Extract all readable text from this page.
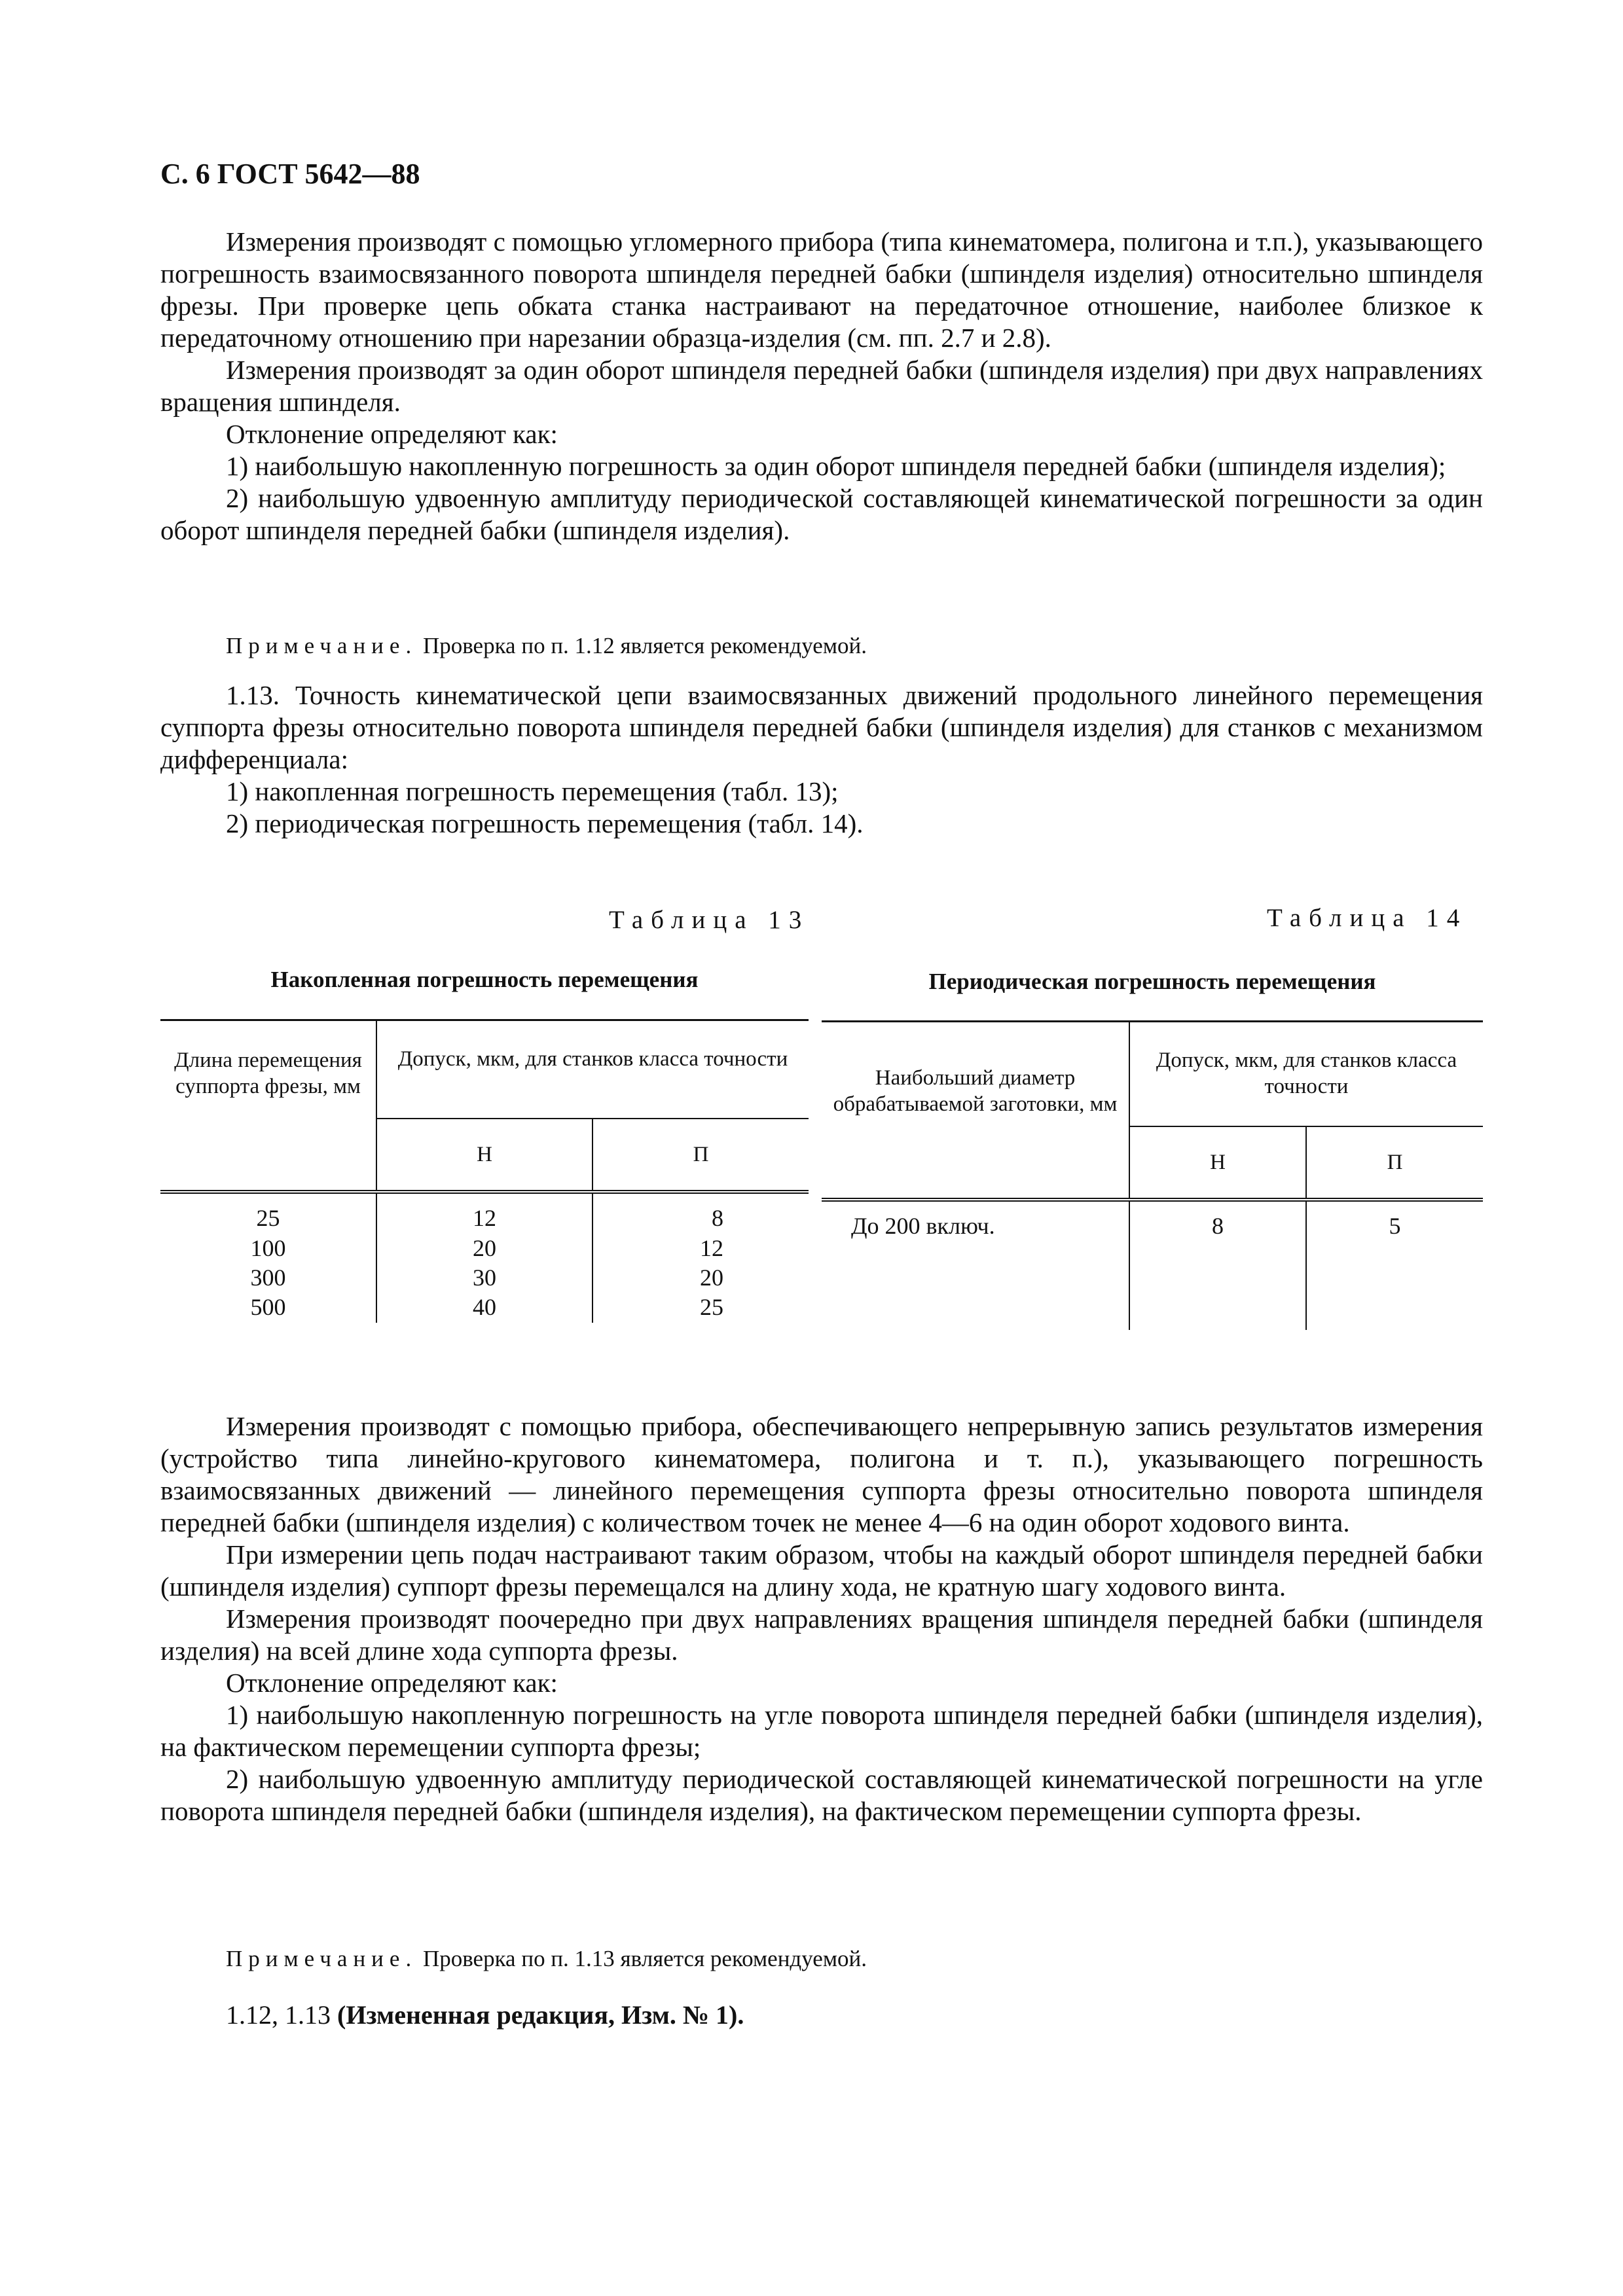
С. 6 ГОСТ 5642—88

Измерения производят с помощью угломерного прибора (типа кинематомера, полигона и т.п.), указывающего погрешность взаимосвязанного поворота шпинделя передней бабки (шпинделя изделия) относительно шпинделя фрезы. При проверке цепь обката станка настраивают на передаточное отношение, наиболее близкое к передаточному отношению при нарезании образца-изделия (см. пп. 2.7 и 2.8).

Измерения производят за один оборот шпинделя передней бабки (шпинделя изделия) при двух направлениях вращения шпинделя.

Отклонение определяют как:

1) наибольшую накопленную погрешность за один оборот шпинделя передней бабки (шпинделя изделия);

2) наибольшую удвоенную амплитуду периодической составляющей кинематической погрешности за один оборот шпинделя передней бабки (шпинделя изделия).

Примечание. Проверка по п. 1.12 является рекомендуемой.

1.13. Точность кинематической цепи взаимосвязанных движений продольного линейного перемещения суппорта фрезы относительно поворота шпинделя передней бабки (шпинделя изделия) для станков с механизмом дифференциала:

1) накопленная погрешность перемещения (табл. 13);

2) периодическая погрешность перемещения (табл. 14).

Таблица 13
Накопленная погрешность перемещения
Длина перемещения суппорта фрезы, мм	Допуск, мкм, для станков класса точности	
	Н	П
25	12	8
100	20	12
300	30	20
500	40	25
Таблица 14
Периодическая погрешность перемещения
Наибольший диаметр обрабатываемой заготовки, мм	Допуск, мкм, для станков класса точности	
	Н	П
До 200 включ.	8	5

Измерения производят с помощью прибора, обеспечивающего непрерывную запись результатов измерения (устройство типа линейно-кругового кинематомера, полигона и т. п.), указывающего погрешность взаимосвязанных движений — линейного перемещения суппорта фрезы относительно поворота шпинделя передней бабки (шпинделя изделия) с количеством точек не менее 4—6 на один оборот ходового винта.

При измерении цепь подач настраивают таким образом, чтобы на каждый оборот шпинделя передней бабки (шпинделя изделия) суппорт фрезы перемещался на длину хода, не кратную шагу ходового винта.

Измерения производят поочередно при двух направлениях вращения шпинделя передней бабки (шпинделя изделия) на всей длине хода суппорта фрезы.

Отклонение определяют как:

1) наибольшую накопленную погрешность на угле поворота шпинделя передней бабки (шпинделя изделия), на фактическом перемещении суппорта фрезы;

2) наибольшую удвоенную амплитуду периодической составляющей кинематической погрешности на угле поворота шпинделя передней бабки (шпинделя изделия), на фактическом перемещении суппорта фрезы.

Примечание. Проверка по п. 1.13 является рекомендуемой.
1.12, 1.13 (Измененная редакция, Изм. № 1).
